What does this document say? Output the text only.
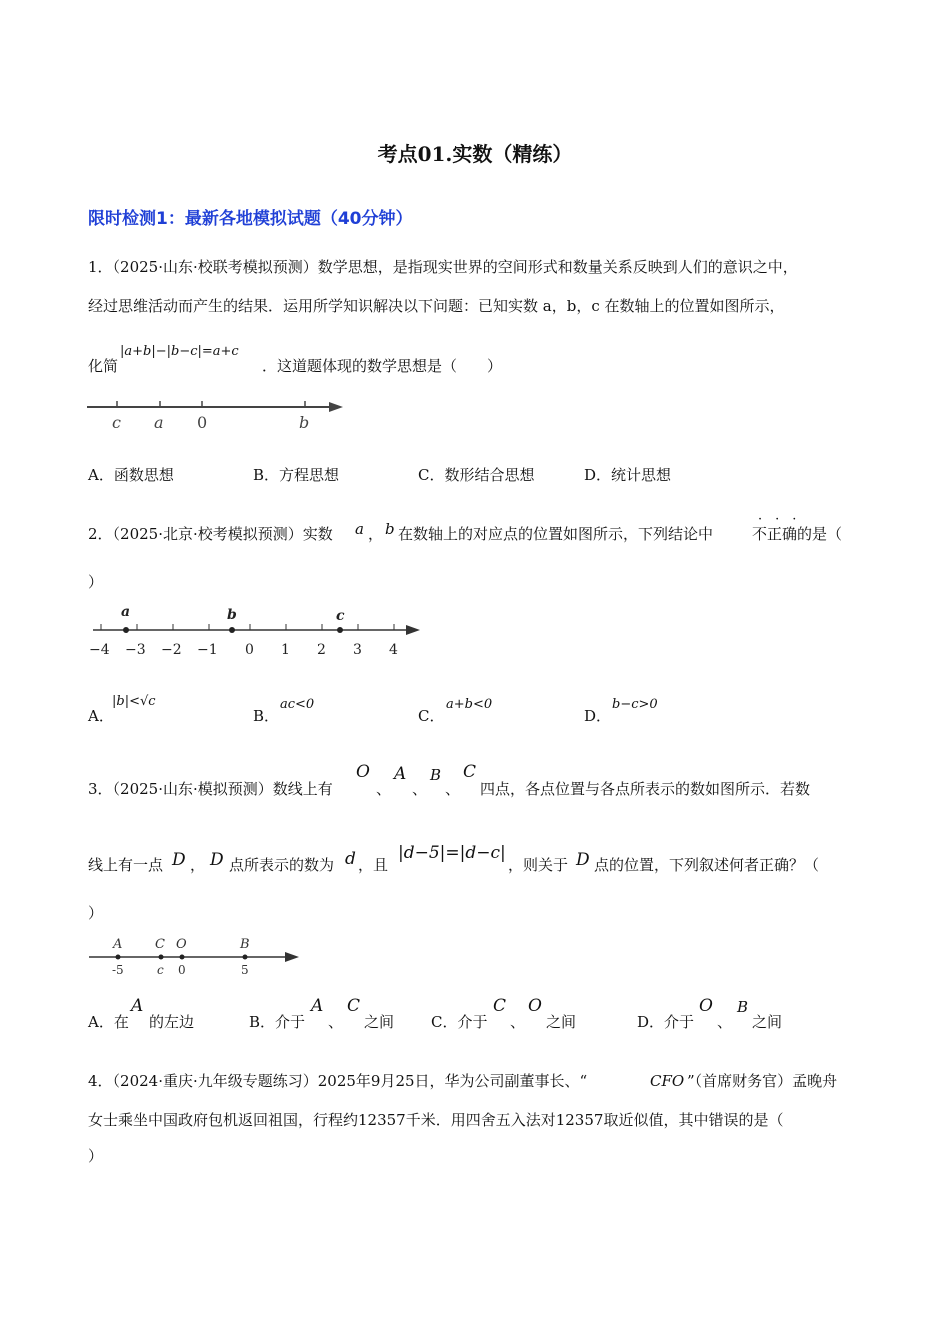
考点01.实数（精练）
限时检测1：最新各地模拟试题（40分钟）
1．（2025·山东·校联考模拟预测）数学思想，是指现实世界的空间形式和数量关系反映到人们的意识之中，
经过思维活动而产生的结果．运用所学知识解决以下问题：已知实数 a，b，c 在数轴上的位置如图所示，
化简
|a+b|−|b−c|=a+c
．这道题体现的数学思想是（　　）
c a 0	b
A．函数思想	B．方程思想	C．数形结合思想	D．统计思想
2．（2025·北京·校考模拟预测）实数 a ， b 在数轴上的对应点的位置如图所示，下列结论中	不正确
···
的是（
）
a	b	c
−4 −3 −2 −1 0 1 2 3 4
A．
|b|<√c
B．
ac<0
C．
a+b<0
D．
b−c>0
3．（2025·山东·模拟预测）数线上有
O
、
A
、
B
、
C
四点，各点位置与各点所表示的数如图所示．若数
线上有一点 D ， D 点所表示的数为 d ，且
|d−5|=|d−c|
，则关于 D 点的位置，下列叙述何者正确？（
）
A	C O	B
-5	c 0	5
A．在
A
的左边	B．介于
A
、
C
之间 C．介于
C
、
O
之间	D．介于
O
、
B
之间
4．（2024·重庆·九年级专题练习）2025年9月25日，华为公司副董事长、“	CFO ”（首席财务官）孟晚舟
女士乘坐中国政府包机返回祖国，行程约12357千米．用四舍五入法对12357取近似值，其中错误的是（
）
